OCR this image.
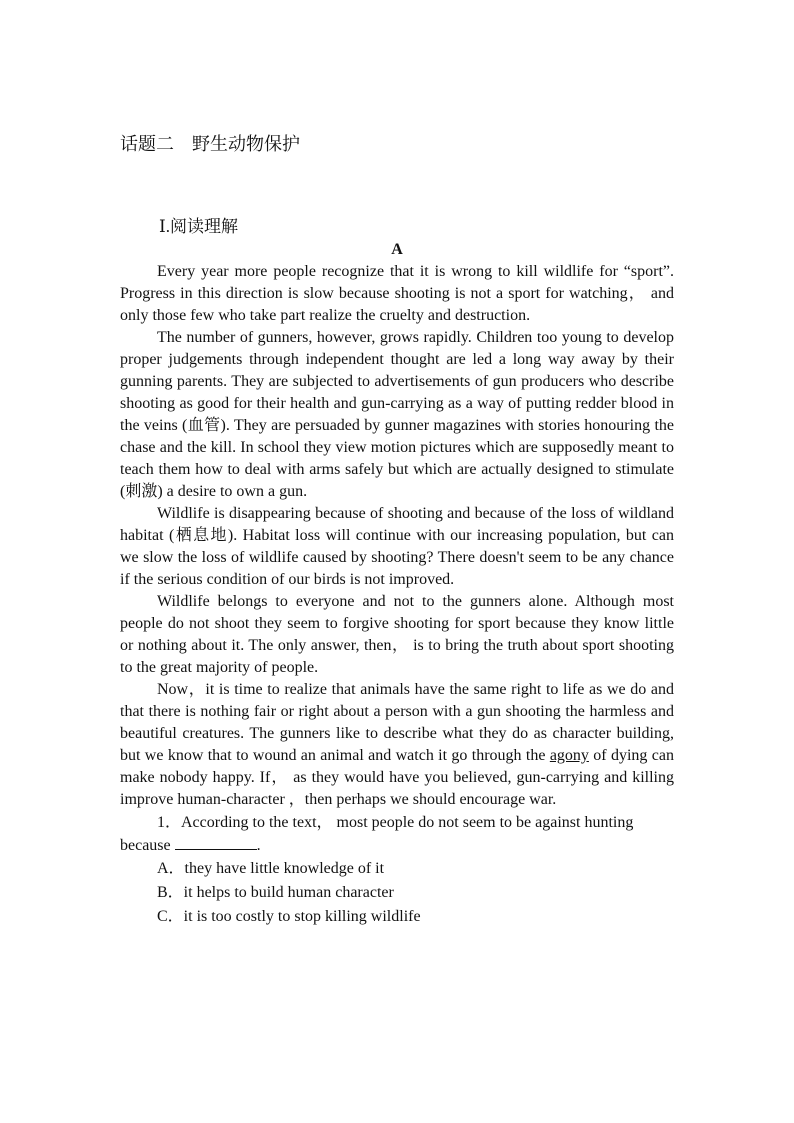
话题二    野生动物保护
Ⅰ.阅读理解
A

Every year more people recognize that it is wrong to kill wildlife for “sport”. Progress in this direction is slow because shooting is not a sport for watching， and only those few who take part realize the cruelty and destruction.

The number of gunners, however, grows rapidly. Children too young to develop proper judgements through independent thought are led a long way away by their gunning parents. They are subjected to advertisements of gun producers who describe shooting as good for their health and gun-carrying as a way of putting redder blood in the veins (血管). They are persuaded by gunner magazines with stories honouring the chase and the kill. In school they view motion pictures which are supposedly meant to teach them how to deal with arms safely but which are actually designed to stimulate (刺激) a desire to own a gun.

Wildlife is disappearing because of shooting and because of the loss of wildland habitat (栖息地). Habitat loss will continue with our increasing population, but can we slow the loss of wildlife caused by shooting? There doesn't seem to be any chance if the serious condition of our birds is not improved.

Wildlife belongs to everyone and not to the gunners alone. Although most people do not shoot they seem to forgive shooting for sport because they know little or nothing about it. The only answer, then， is to bring the truth about sport shooting to the great majority of people.

Now，it is time to realize that animals have the same right to life as we do and that there is nothing fair or right about a person with a gun shooting the harmless and beautiful creatures. The gunners like to describe what they do as character building, but we know that to wound an animal and watch it go through the agony of dying can make nobody happy. If， as they would have you believed, gun-carrying and killing improve human-character ，then perhaps we should encourage war.

1．According to the text， most people do not seem to be against hunting because	.

A．they have little knowledge of it
B．it helps to build human character
C．it is too costly to stop killing wildlife
